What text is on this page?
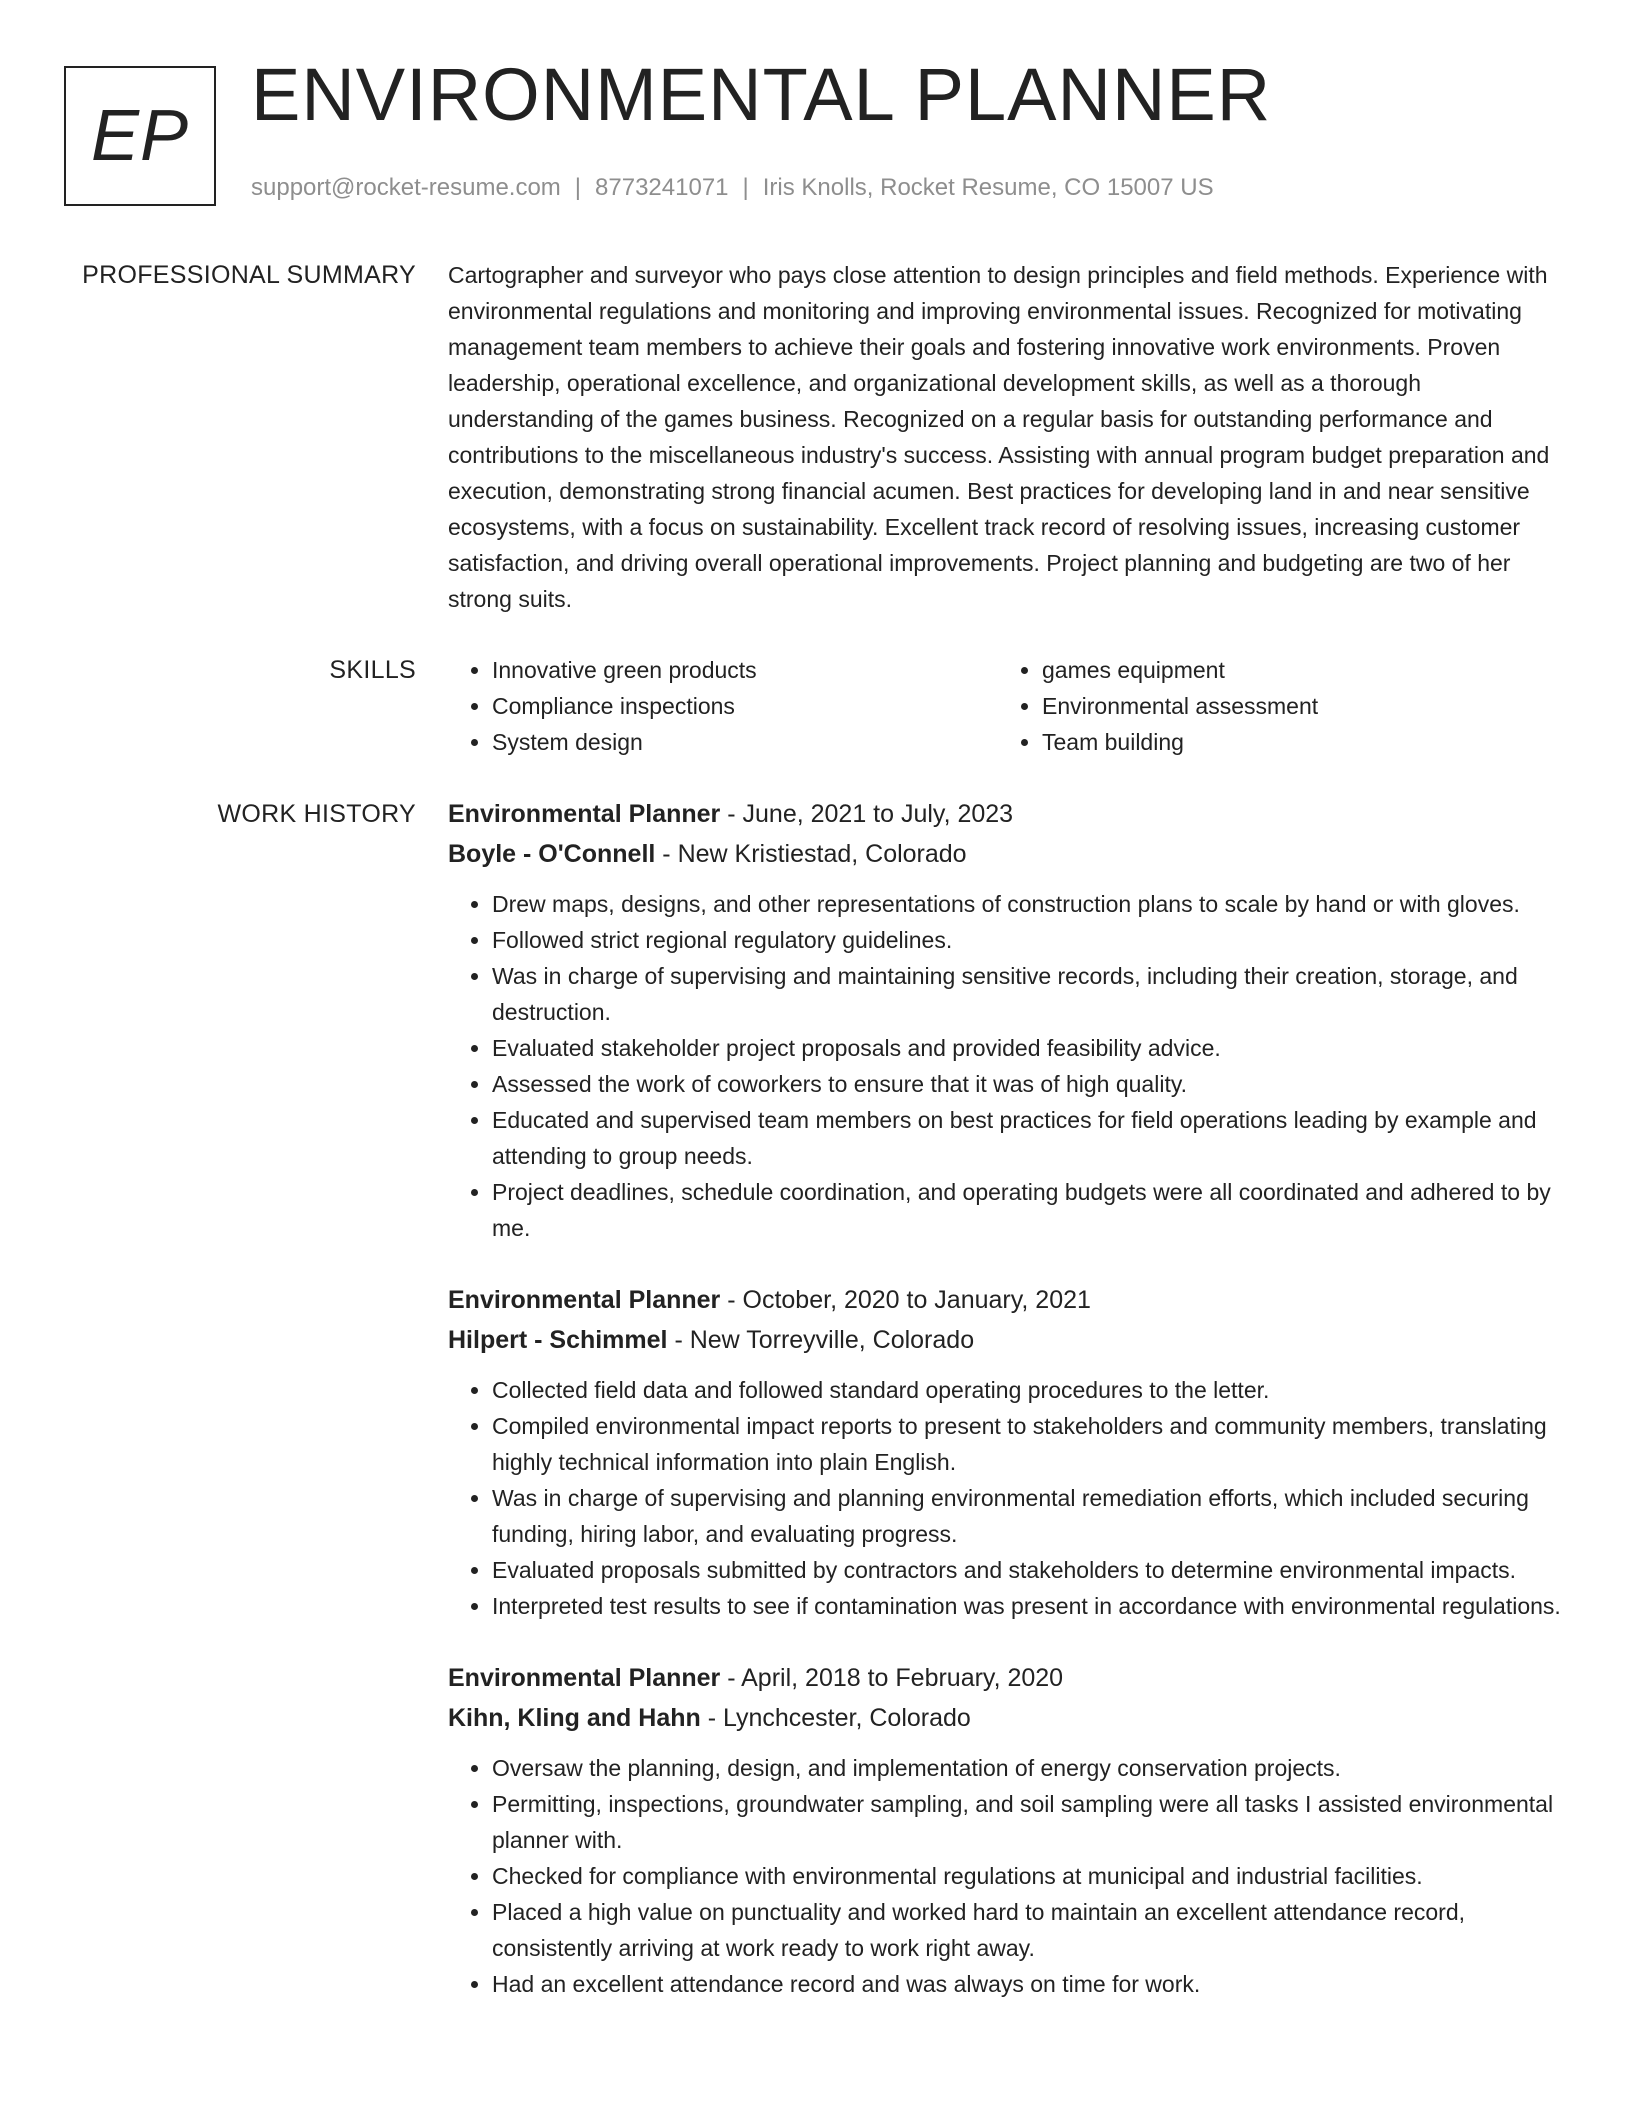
EP ENVIRONMENTAL PLANNER
support@rocket-resume.com | 8773241071 | Iris Knolls, Rocket Resume, CO 15007 US
PROFESSIONAL SUMMARY Cartographer and surveyor who pays close attention to design principles and field methods. Experience with environmental regulations and monitoring and improving environmental issues. Recognized for motivating management team members to achieve their goals and fostering innovative work environments. Proven leadership, operational excellence, and organizational development skills, as well as a thorough understanding of the games business. Recognized on a regular basis for outstanding performance and contributions to the miscellaneous industry's success. Assisting with annual program budget preparation and execution, demonstrating strong financial acumen. Best practices for developing land in and near sensitive ecosystems, with a focus on sustainability. Excellent track record of resolving issues, increasing customer satisfaction, and driving overall operational improvements. Project planning and budgeting are two of her strong suits.

SKILLS
•	Innovative green products
• Compliance inspections
• System design
• games equipment
• Environmental assessment
• Team building
WORK HISTORY Environmental Planner - June, 2021 to July, 2023
Boyle - O'Connell - New Kristiestad, Colorado
• Drew maps, designs, and other representations of construction plans to scale by hand or with gloves.
• Followed strict regional regulatory guidelines.
• Was in charge of supervising and maintaining sensitive records, including their creation, storage, and destruction.
• Evaluated stakeholder project proposals and provided feasibility advice.
• Assessed the work of coworkers to ensure that it was of high quality.
• Educated and supervised team members on best practices for field operations leading by example and attending to group needs.
• Project deadlines, schedule coordination, and operating budgets were all coordinated and adhered to by me.
Environmental Planner - October, 2020 to January, 2021
Hilpert - Schimmel - New Torreyville, Colorado
• Collected field data and followed standard operating procedures to the letter.
• Compiled environmental impact reports to present to stakeholders and community members, translating highly technical information into plain English.
• Was in charge of supervising and planning environmental remediation efforts, which included securing funding, hiring labor, and evaluating progress.
• Evaluated proposals submitted by contractors and stakeholders to determine environmental impacts.
• Interpreted test results to see if contamination was present in accordance with environmental regulations.
Environmental Planner - April, 2018 to February, 2020
Kihn, Kling and Hahn - Lynchcester, Colorado
• Oversaw the planning, design, and implementation of energy conservation projects.
• Permitting, inspections, groundwater sampling, and soil sampling were all tasks I assisted environmental planner with.
• Checked for compliance with environmental regulations at municipal and industrial facilities.
• Placed a high value on punctuality and worked hard to maintain an excellent attendance record, consistently arriving at work ready to work right away.
• Had an excellent attendance record and was always on time for work.
